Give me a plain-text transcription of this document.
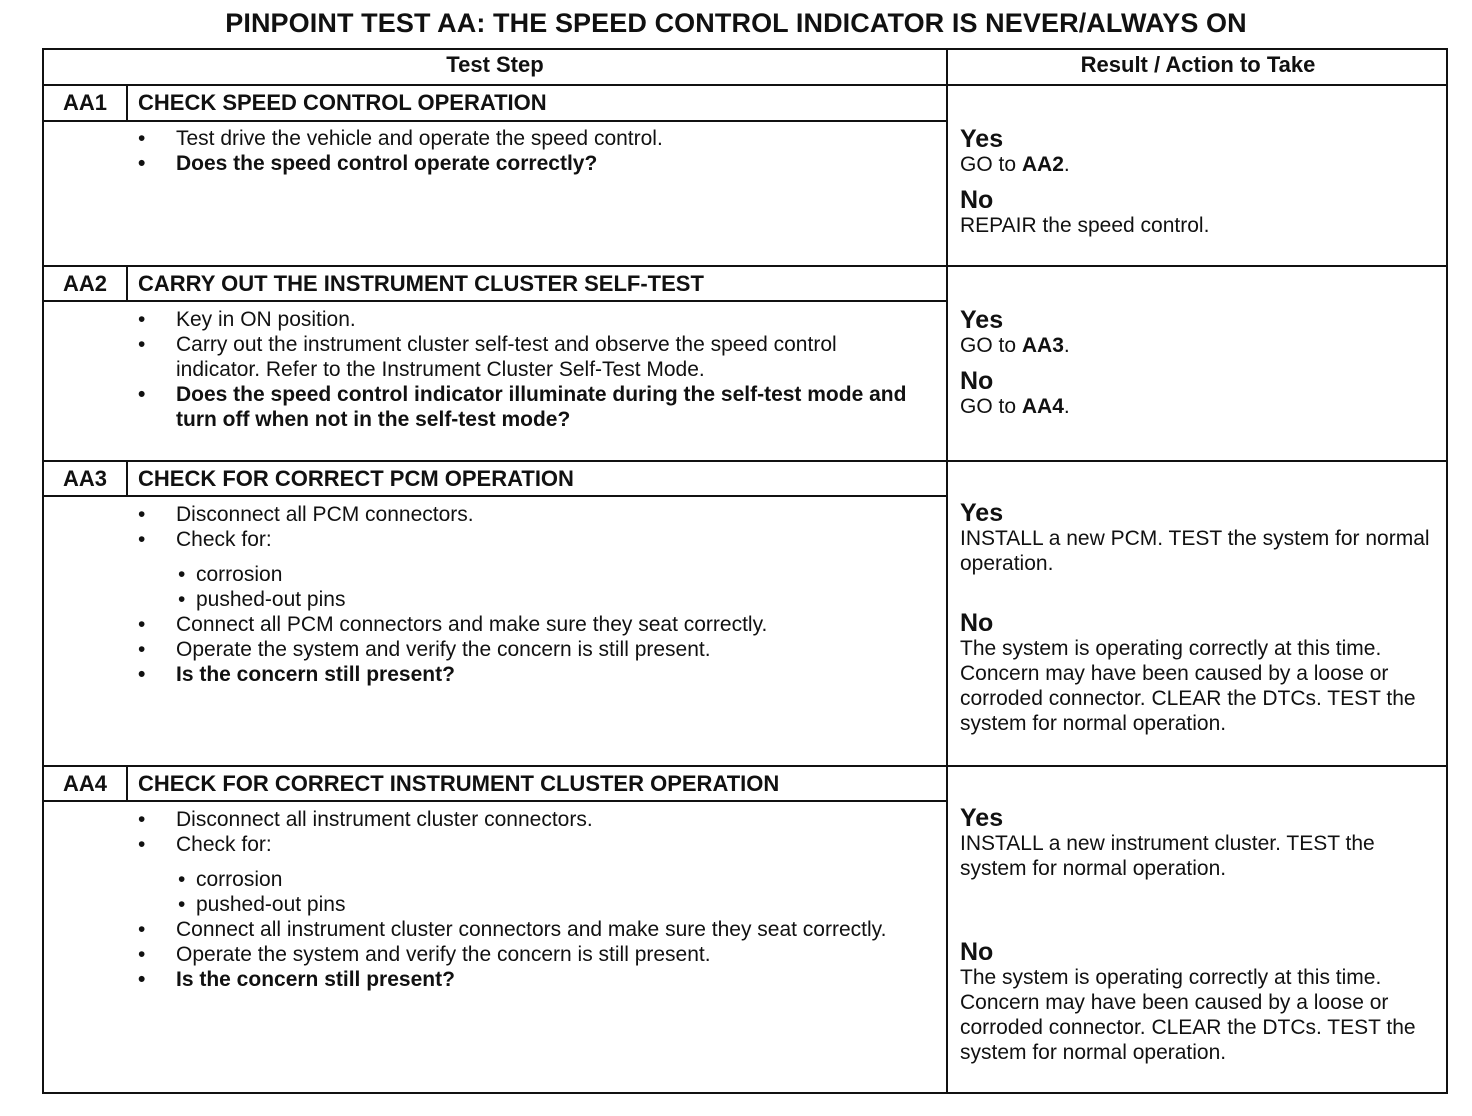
PINPOINT TEST AA: THE SPEED CONTROL INDICATOR IS NEVER/ALWAYS ON
Test Step	Result / Action to Take
AA1	CHECK SPEED CONTROL OPERATION
• Test drive the vehicle and operate the speed control.
• Does the speed control operate correctly?
Yes
GO to AA2.
No
REPAIR the speed control.
AA2	CARRY OUT THE INSTRUMENT CLUSTER SELF-TEST
• Key in ON position.
• Carry out the instrument cluster self-test and observe the speed control indicator. Refer to the Instrument Cluster Self-Test Mode.
• Does the speed control indicator illuminate during the self-test mode and turn off when not in the self-test mode?
Yes
GO to AA3.
No
GO to AA4.
AA3	CHECK FOR CORRECT PCM OPERATION
• Disconnect all PCM connectors.
• Check for:
• corrosion
• pushed-out pins
• Connect all PCM connectors and make sure they seat correctly.
• Operate the system and verify the concern is still present.
• Is the concern still present?
Yes
INSTALL a new PCM. TEST the system for normal operation.
No
The system is operating correctly at this time. Concern may have been caused by a loose or corroded connector. CLEAR the DTCs. TEST the system for normal operation.
AA4	CHECK FOR CORRECT INSTRUMENT CLUSTER OPERATION
• Disconnect all instrument cluster connectors.
• Check for:
• corrosion
• pushed-out pins
• Connect all instrument cluster connectors and make sure they seat correctly.
• Operate the system and verify the concern is still present.
• Is the concern still present?
Yes
INSTALL a new instrument cluster. TEST the system for normal operation.
No
The system is operating correctly at this time. Concern may have been caused by a loose or corroded connector. CLEAR the DTCs. TEST the system for normal operation.
